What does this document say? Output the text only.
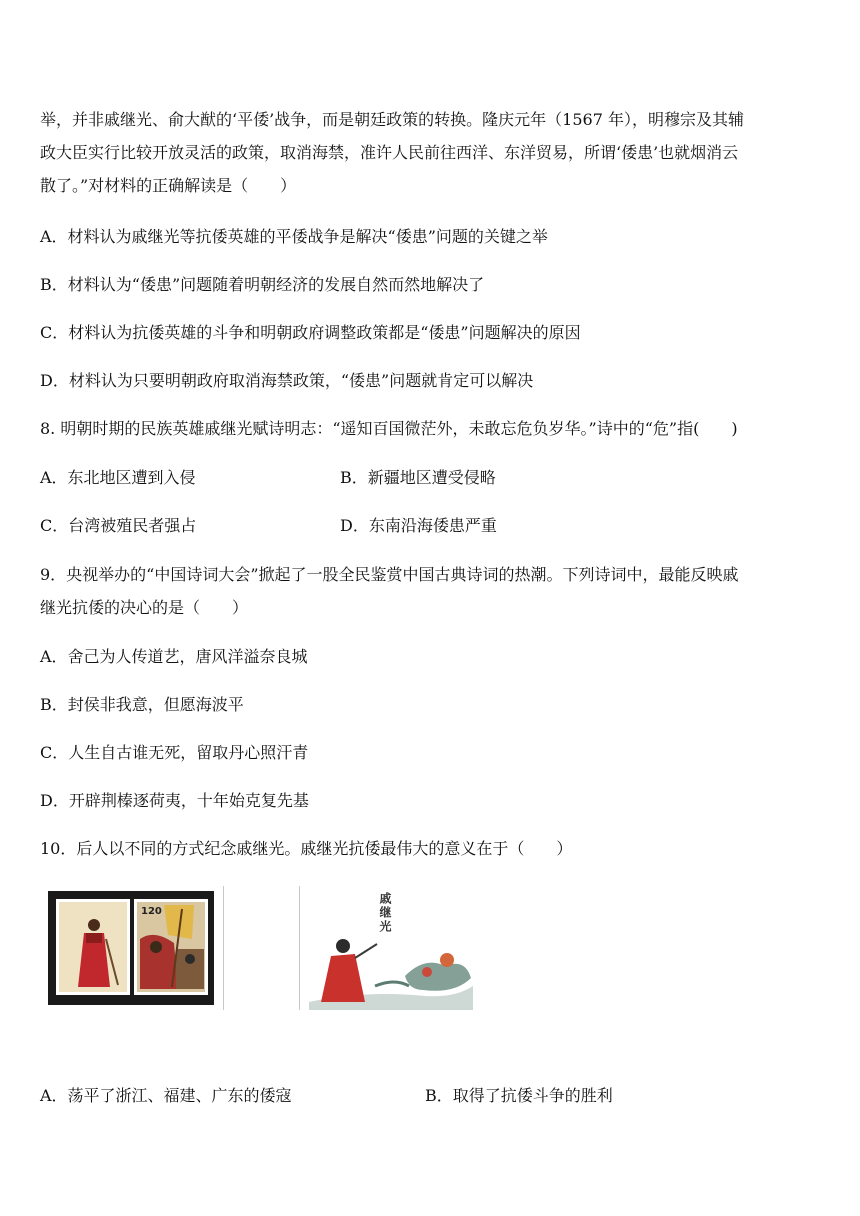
举，并非戚继光、俞大猷的‘平倭’战争，而是朝廷政策的转换。隆庆元年（1567 年），明穆宗及其辅
政大臣实行比较开放灵活的政策，取消海禁，准许人民前往西洋、东洋贸易，所谓‘倭患’也就烟消云
散了。”对材料的正确解读是（　　）
A．材料认为戚继光等抗倭英雄的平倭战争是解决“倭患”问题的关键之举
B．材料认为“倭患”问题随着明朝经济的发展自然而然地解决了
C．材料认为抗倭英雄的斗争和明朝政府调整政策都是“倭患”问题解决的原因
D．材料认为只要明朝政府取消海禁政策，“倭患”问题就肯定可以解决
8. 明朝时期的民族英雄戚继光赋诗明志：“遥知百国微茫外，未敢忘危负岁华。”诗中的“危”指(　　)
A．东北地区遭到入侵	B．新疆地区遭受侵略
C．台湾被殖民者强占	D．东南沿海倭患严重
9．央视举办的“中国诗词大会”掀起了一股全民鉴赏中国古典诗词的热潮。下列诗词中，最能反映戚
继光抗倭的决心的是（　　）
A．舍己为人传道艺，唐风洋溢奈良城
B．封侯非我意，但愿海波平
C．人生自古谁无死，留取丹心照汗青
D．开辟荆榛逐荷夷，十年始克复先基
10．后人以不同的方式纪念戚继光。戚继光抗倭最伟大的意义在于（　　）
120	戚继光
A．荡平了浙江、福建、广东的倭寇	B．取得了抗倭斗争的胜利
